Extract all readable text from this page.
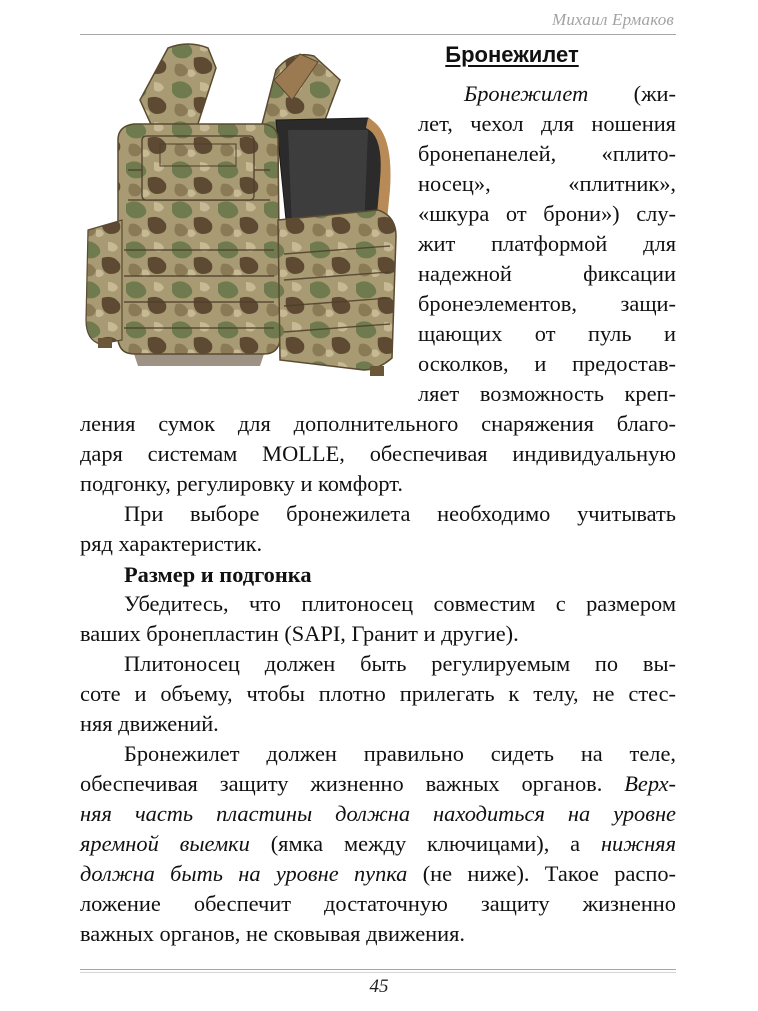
Михаил Ермаков
Бронежилет

Бронежилет (жи-

лет, чехол для ношения

бронепанелей, «плито-

носец», «плитник»,

«шкура от брони») слу-

жит платформой для

надежной фиксации

бронеэлементов, защи-

щающих от пуль и

осколков, и предостав-

ляет возможность креп-

ления сумок для дополнительного снаряжения благо-

даря системам MOLLE, обеспечивая индивидуальную

подгонку, регулировку и комфорт.

При выборе бронежилета необходимо учитывать

ряд характеристик.

Размер и подгонка

Убедитесь, что плитоносец совместим с размером

ваших бронепластин (SAPI, Гранит и другие).

Плитоносец должен быть регулируемым по вы-

соте и объему, чтобы плотно прилегать к телу, не стес-

няя движений.

Бронежилет должен правильно сидеть на теле,

обеспечивая защиту жизненно важных органов. Верх-

няя часть пластины должна находиться на уровне

яремной выемки (ямка между ключицами), а нижняя

должна быть на уровне пупка (не ниже). Такое распо-

ложение обеспечит достаточную защиту жизненно

важных органов, не сковывая движения.

45
